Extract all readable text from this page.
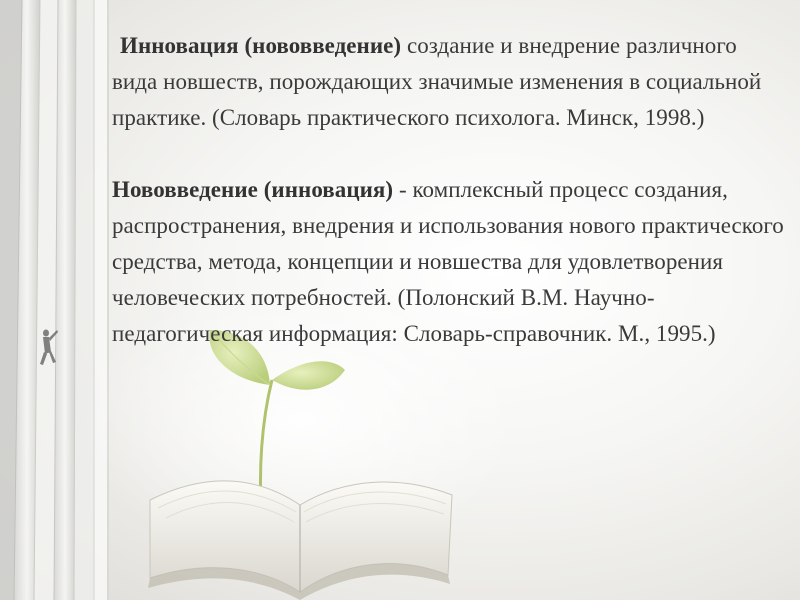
Инновация (нововведение) создание и внедрение различного вида новшеств, порождающих значимые изменения в социальной практике. (Словарь практического психолога. Минск, 1998.)

Нововведение (инновация) - комплексный процесс создания, распространения, внедрения и использования нового практического средства, метода, концепции и новшества для удовлетворения человеческих потребностей. (Полонский В.М. Научно-педагогическая информация: Словарь-справочник. М., 1995.)
